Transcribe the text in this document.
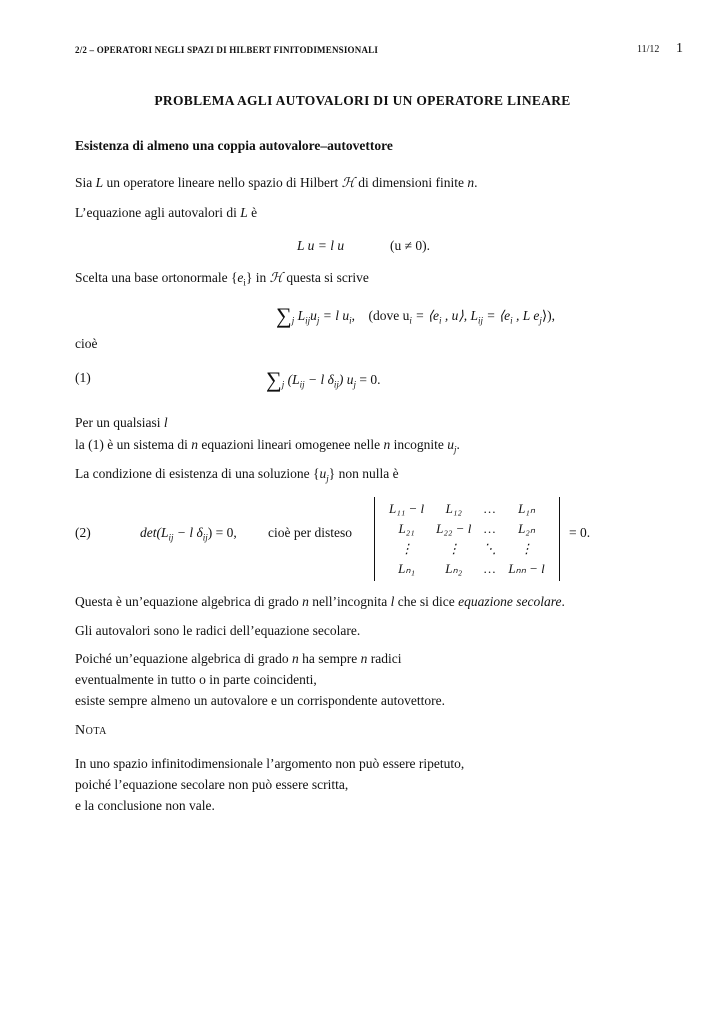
2/2 – OPERATORI NEGLI SPAZI DI HILBERT FINITODIMENSIONALI	11/12 1
PROBLEMA AGLI AUTOVALORI DI UN OPERATORE LINEARE
Esistenza di almeno una coppia autovalore–autovettore
Sia L un operatore lineare nello spazio di Hilbert ℋ di dimensioni finite n.
L’equazione agli autovalori di L è
L u = l u	(u ≠ 0).
Scelta una base ortonormale $\{e_i\}$ in ℋ questa si scrive
$\sum_j$ $L_{ij}u_j = l$ $u_i$, (dove $u_i$ = $⟨e_i$ , u⟩, $L_{ij}$ = $⟨e_i$ , L $e_j⟩$),
cioè
(1)	$\sum_j$ ($L_{ij} - l$ $\delta_{ij}$) $u_j = 0$.
Per un qualsiasi l
la (1) è un sistema di n equazioni lineari omogenee nelle n incognite $u_j$.
La condizione di esistenza di una soluzione $\{u_j\}$ non nulla è
(2)	$\det(L_{ij} - l$ $\delta_{ij}) = 0$, cioè per disteso
L₁₁ − l	L₁₂	…	L₁ₙ
L₂₁	L₂₂ − l	…	L₂ₙ
⋮	⋮	⋱	⋮
Lₙ₁	Lₙ₂	…	Lₙₙ − l
= 0.
Questa è un’equazione algebrica di grado n nell’incognita l che si dice equazione secolare.
Gli autovalori sono le radici dell’equazione secolare.
Poiché un’equazione algebrica di grado n ha sempre n radici
eventualmente in tutto o in parte coincidenti,
esiste sempre almeno un autovalore e un corrispondente autovettore.
Nota
In uno spazio infinitodimensionale l’argomento non può essere ripetuto,
poiché l’equazione secolare non può essere scritta,
e la conclusione non vale.
